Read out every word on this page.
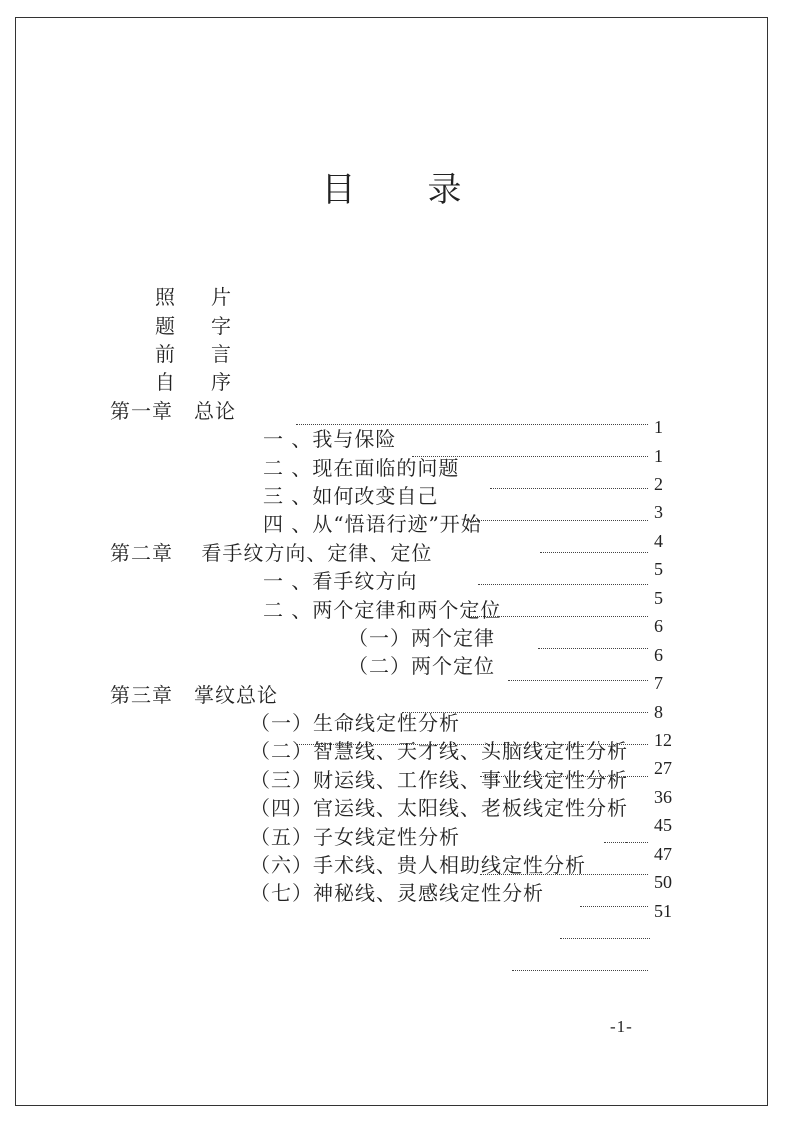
目 录
照 片
题 字
前 言
自 序
第一章　总论
一 、我与保险
二 、现在面临的问题
三 、如何改变自己
四 、从“悟语行迹”开始
第二章　 看手纹方向、定律、定位
一 、看手纹方向
二 、两个定律和两个定位
（一）两个定律
（二）两个定位
第三章　掌纹总论
（一）生命线定性分析
（二）智慧线、天才线、头脑线定性分析
（三）财运线、工作线、事业线定性分析
（四）官运线、太阳线、老板线定性分析
（五）子女线定性分析
（六）手术线、贵人相助线定性分析
（七）神秘线、灵感线定性分析
1
1
2
3
4
5
5
6
6
7
8
12
27
36
45
47
50
51
-1-
